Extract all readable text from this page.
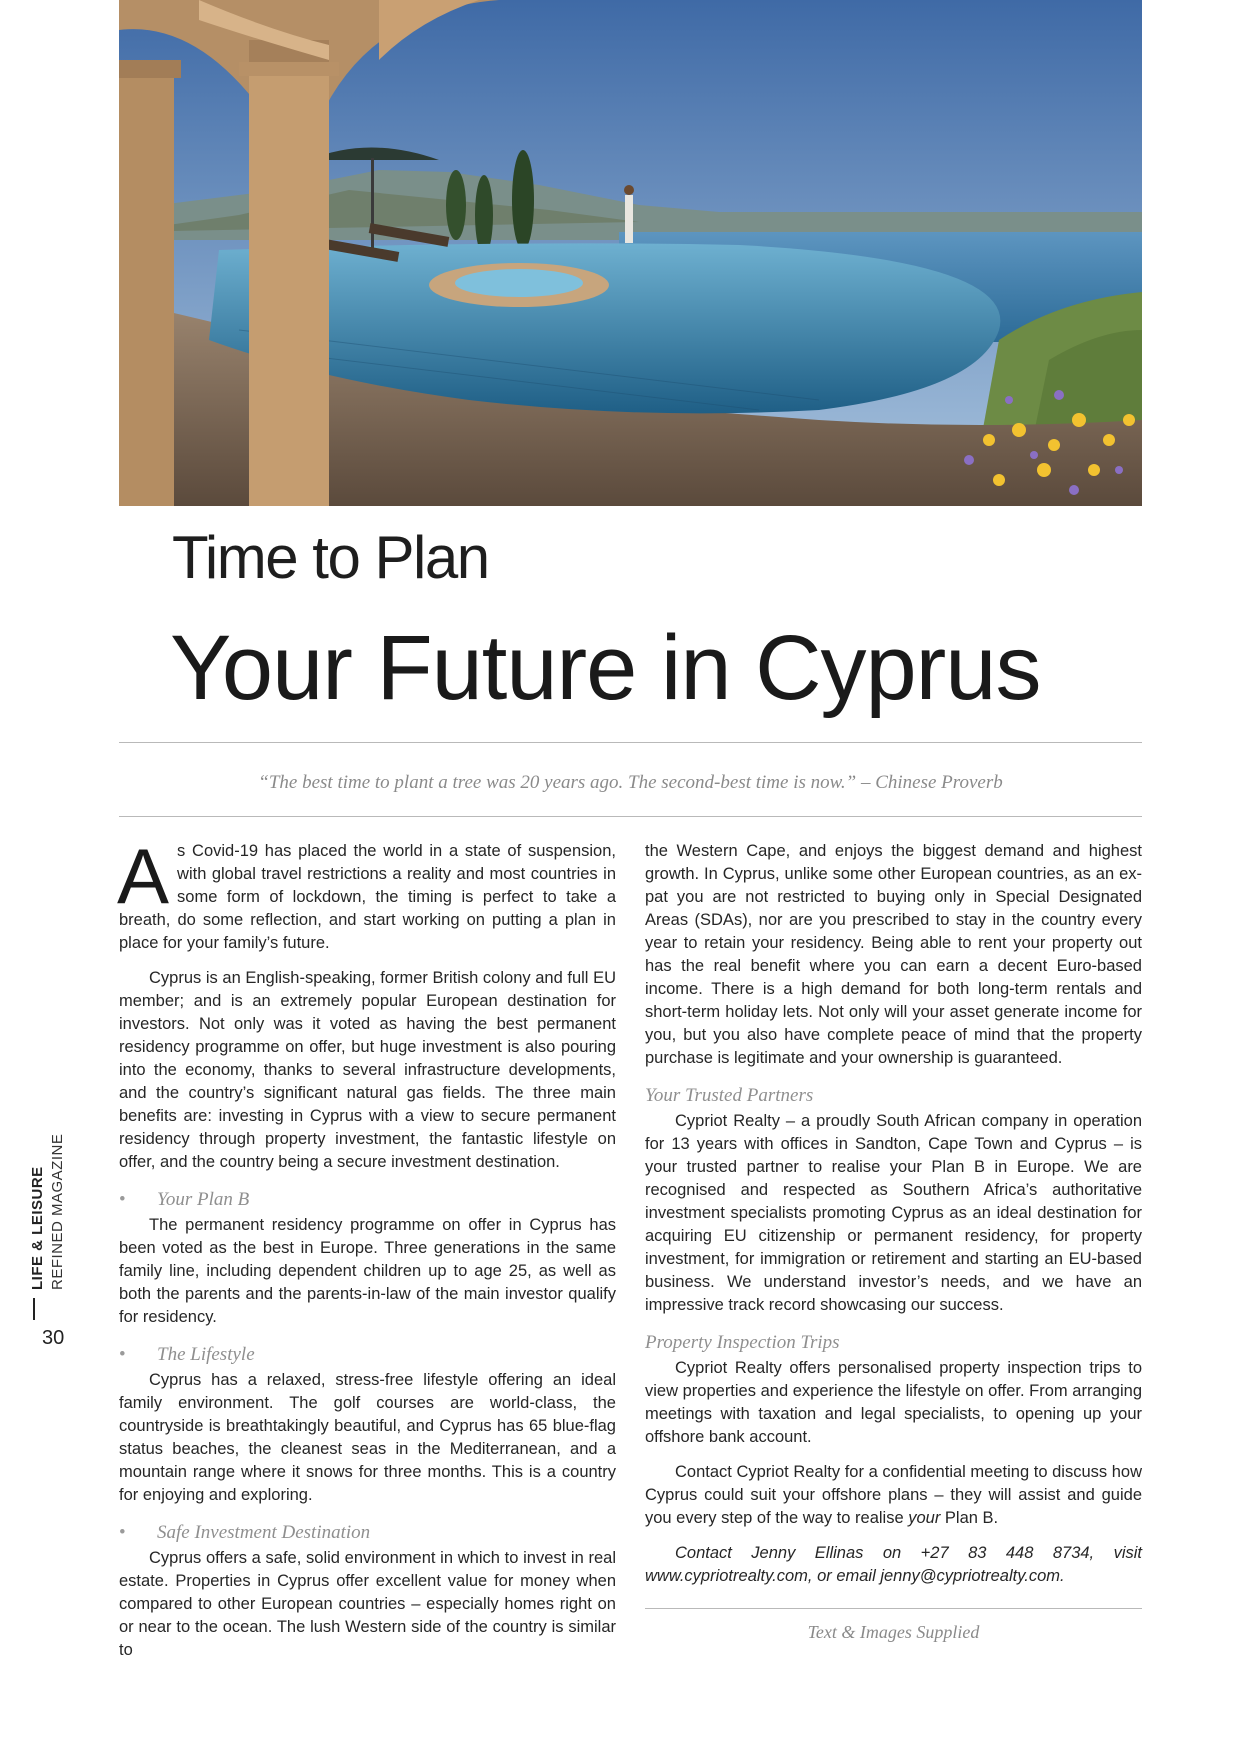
Time to Plan
Your Future in Cyprus
“The best time to plant a tree was 20 years ago. The second-best time is now.” – Chinese Proverb

As Covid-19 has placed the world in a state of suspension, with global travel restrictions a reality and most countries in some form of lockdown, the timing is perfect to take a breath, do some reflection, and start working on putting a plan in place for your family’s future.

Cyprus is an English-speaking, former British colony and full EU member; and is an extremely popular European destination for investors. Not only was it voted as having the best permanent residency programme on offer, but huge investment is also pouring into the economy, thanks to several infrastructure developments, and the country’s significant natural gas fields. The three main benefits are: investing in Cyprus with a view to secure permanent residency through property investment, the fantastic lifestyle on offer, and the country being a secure investment destination.

• Your Plan B

The permanent residency programme on offer in Cyprus has been voted as the best in Europe. Three generations in the same family line, including dependent children up to age 25, as well as both the parents and the parents-in-law of the main investor qualify for residency.

• The Lifestyle

Cyprus has a relaxed, stress-free lifestyle offering an ideal family environment. The golf courses are world-class, the countryside is breathtakingly beautiful, and Cyprus has 65 blue-flag status beaches, the cleanest seas in the Mediterranean, and a mountain range where it snows for three months. This is a country for enjoying and exploring.

• Safe Investment Destination

Cyprus offers a safe, solid environment in which to invest in real estate. Properties in Cyprus offer excellent value for money when compared to other European countries – especially homes right on or near to the ocean. The lush Western side of the country is similar to

the Western Cape, and enjoys the biggest demand and highest growth. In Cyprus, unlike some other European countries, as an ex-pat you are not restricted to buying only in Special Designated Areas (SDAs), nor are you prescribed to stay in the country every year to retain your residency. Being able to rent your property out has the real benefit where you can earn a decent Euro-based income. There is a high demand for both long-term rentals and short-term holiday lets. Not only will your asset generate income for you, but you also have complete peace of mind that the property purchase is legitimate and your ownership is guaranteed.

Your Trusted Partners

Cypriot Realty – a proudly South African company in operation for 13 years with offices in Sandton, Cape Town and Cyprus – is your trusted partner to realise your Plan B in Europe. We are recognised and respected as Southern Africa’s authoritative investment specialists promoting Cyprus as an ideal destination for acquiring EU citizenship or permanent residency, for property investment, for immigration or retirement and starting an EU-based business. We understand investor’s needs, and we have an impressive track record showcasing our success.

Property Inspection Trips

Cypriot Realty offers personalised property inspection trips to view properties and experience the lifestyle on offer. From arranging meetings with taxation and legal specialists, to opening up your offshore bank account.

Contact Cypriot Realty for a confidential meeting to discuss how Cyprus could suit your offshore plans – they will assist and guide you every step of the way to realise your Plan B.

Contact Jenny Ellinas on +27 83 448 8734, visit www.cypriotrealty.com, or email jenny@cypriotrealty.com.

Text & Images Supplied
LIFE & LEISURE REFINED MAGAZINE
30
